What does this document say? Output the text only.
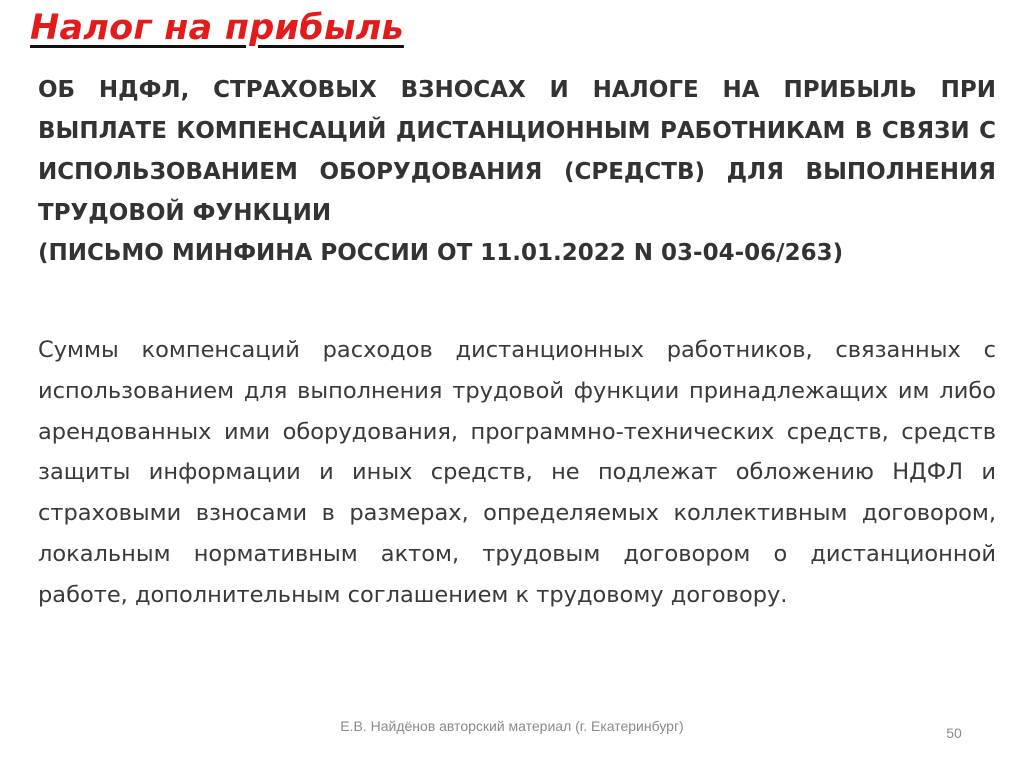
Налог на прибыль

ОБ НДФЛ, СТРАХОВЫХ ВЗНОСАХ И НАЛОГЕ НА ПРИБЫЛЬ ПРИ ВЫПЛАТЕ КОМПЕНСАЦИЙ ДИСТАНЦИОННЫМ РАБОТНИКАМ В СВЯЗИ С ИСПОЛЬЗОВАНИЕМ ОБОРУДОВАНИЯ (СРЕДСТВ) ДЛЯ ВЫПОЛНЕНИЯ ТРУДОВОЙ ФУНКЦИИ

(ПИСЬМО МИНФИНА РОССИИ ОТ 11.01.2022 N 03-04-06/263)

Суммы компенсаций расходов дистанционных работников, связанных с использованием для выполнения трудовой функции принадлежащих им либо арендованных ими оборудования, программно-технических средств, средств защиты информации и иных средств, не подлежат обложению НДФЛ и страховыми взносами в размерах, определяемых коллективным договором, локальным нормативным актом, трудовым договором о дистанционной работе, дополнительным соглашением к трудовому договору.

Е.В. Найдёнов авторский материал (г. Екатеринбург)	50
